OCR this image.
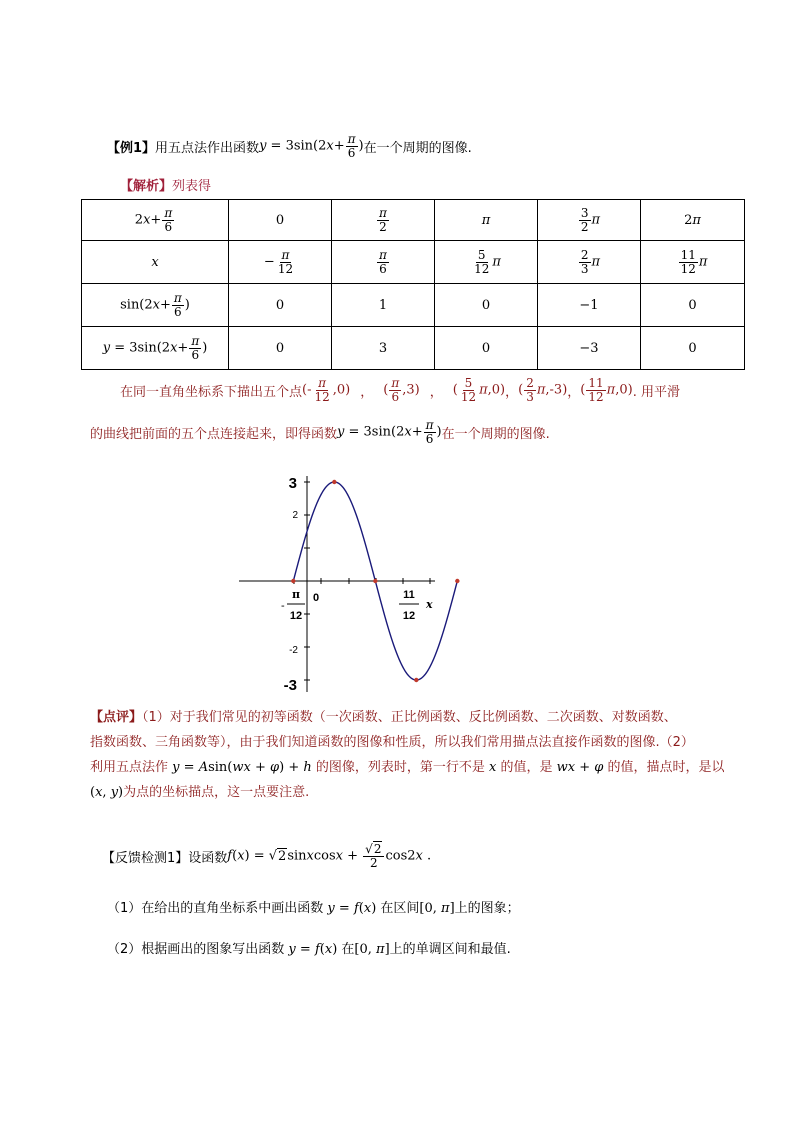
【例1】 用五点法作出函数 $y = 3\sin(2x+ \frac{\pi}{6}$ ) 在一个周期的图像.
【解析】列表得
$2x+ \frac{\pi}{6}$	0	$\frac{\pi}{2}$	π	$\frac{3}{2}$ π	2π
x	− $\frac{\pi}{12}$	$\frac{\pi}{6}$	$\frac{5}{12}$ π	$\frac{2}{3}$ π	$\frac{11}{12}$ π
$\sin(2x+ \frac{\pi}{6}$ )	0	1	0	−1	0
$y = 3\sin(2x+ \frac{\pi}{6}$ )	0	3	0	−3	0
在同一直角坐标系下描出五个点 (- $\frac{\pi}{12} ,0$) ， ( $\frac{\pi}{6} ,3$) ， ( $\frac{5}{12} \pi,0$) ， ( $\frac{2}{3} \pi,-3$) ， ( $\frac{11}{12} \pi,0$) . 用平滑
的曲线把前面的五个点连接起来，即得函数 $y = 3\sin(2x+ \frac{\pi}{6}$ ) 在一个周期的图像.
3
2
-2
-3
0
-
π
12
11
12
x
【点评】（1）对于我们常见的初等函数（一次函数、正比例函数、反比例函数、二次函数、对数函数、
指数函数、三角函数等），由于我们知道函数的图像和性质，所以我们常用描点法直接作函数的图像.（2）
利用五点法作 y = Asin(wx + φ) + h 的图像，列表时，第一行不是 x 的值，是 wx + φ 的值，描点时，是以
(x, y)为点的坐标描点，这一点要注意.
【反馈检测1】 设函数 f(x) = √2sinxcosx + $\frac{√2}{2} \cos 2x$ .
（1）在给出的直角坐标系中画出函数 y = f(x) 在区间[0, π]上的图象；
（2）根据画出的图象写出函数 y = f(x) 在[0, π]上的单调区间和最值.
